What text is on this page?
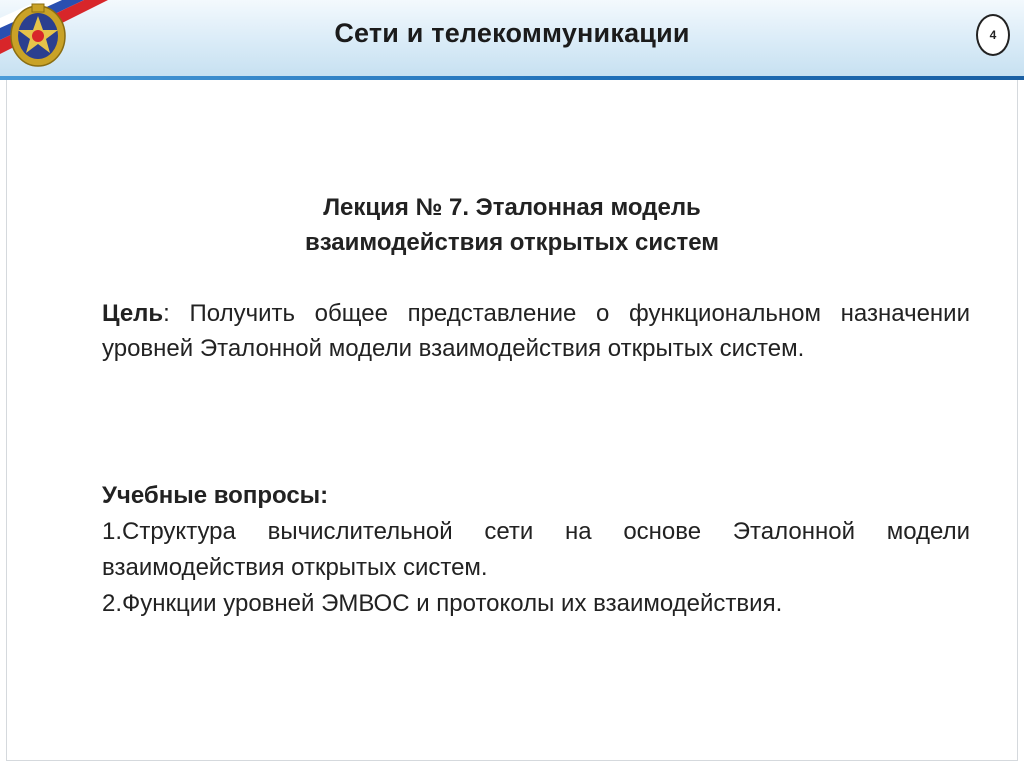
Сети и телекоммуникации	4
Лекция № 7. Эталонная модель
взаимодействия открытых систем
Цель: Получить общее представление о функциональном назначении уровней Эталонной модели взаимодействия открытых систем.

Учебные вопросы:

1.Структура вычислительной сети на основе Эталонной модели взаимодействия открытых систем.

2.Функции уровней ЭМВОС и протоколы их взаимодействия.
